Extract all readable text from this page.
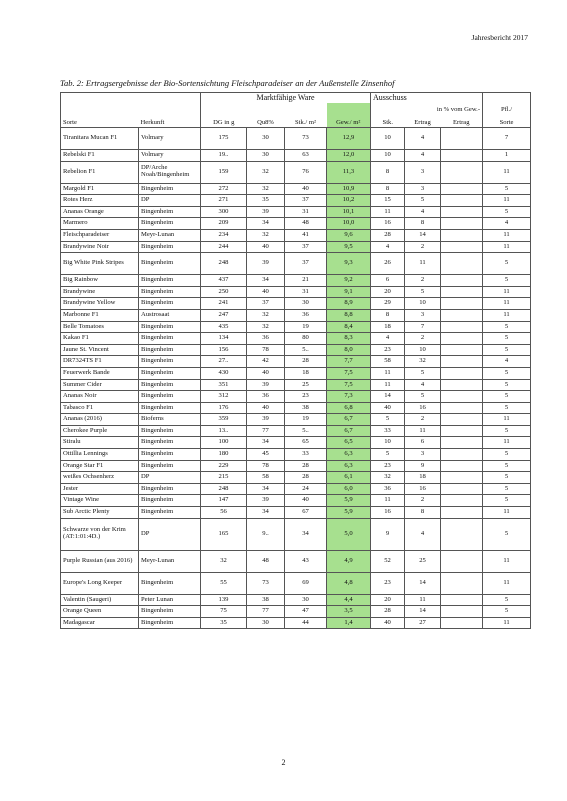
Jahresbericht 2017
Tab. 2: Ertragsergebnisse der Bio-Sortensichtung Fleischparadeiser an der Außenstelle Zinsenhof
		Marktfähige Ware				Ausschuss			
						in % vom Gew.-			Pfl./
Sorte	Herkunft	DG in g	Qu8%	Stk./ m²	Gew./ m²	Stk.	Ertrag	Ertrag	Sorte
Tiranitara Mucan F1	Volmary	175	30	73	12,9	10	4		7
Rebelski F1	Volmary	19..	30	63	12,0	10	4		1
Rebelion F1	DP/Arche Noah/Bingenheim	159	32	76	11,3	8	3		11
Margold F1	Bingenheim	272	32	40	10,9	8	3		5
Rotes Herz	DP	271	35	37	10,2	15	5		11
Ananas Orange	Bingenheim	300	39	31	10,1	11	4		5
Marmero	Bingenheim	209	34	48	10,0	16	8		4
Fleischparadeiser	Meyr-Lunan	234	32	41	9,6	28	14		11
Brandywine Noir	Bingenheim	244	40	37	9,5	4	2		11
Big White Pink Stripes	Bingenheim	248	39	37	9,3	26	11		5
Big Rainbow	Bingenheim	437	34	21	9,2	6	2		5
Brandywine	Bingenheim	250	40	31	9,1	20	5		11
Brandywine Yellow	Bingenheim	241	37	30	8,9	29	10		11
Marbonne F1	Austrosaat	247	32	36	8,8	8	3		11
Belle Tomatoes	Bingenheim	435	32	19	8,4	18	7		5
Kakao F1	Bingenheim	134	36	80	8,3	4	2		5
Jaune St. Vincent	Bingenheim	156	78	5..	8,0	23	10		5
DR7324TS F1	Bingenheim	27..	42	28	7,7	58	32		4
Feuerwerk Bande	Bingenheim	430	40	18	7,5	11	5		5
Summer Cider	Bingenheim	351	39	25	7,5	11	4		5
Ananas Noir	Bingenheim	312	36	23	7,3	14	5		5
Tabasco F1	Bingenheim	176	40	38	6,8	40	16		5
Ananas (2016)	Bioferns	359	39	19	6,7	5	2		11
Cherokee Purple	Bingenheim	13..	77	5..	6,7	33	11		5
Stiralu	Bingenheim	100	34	65	6,5	10	6		11
Ottillia Lennings	Bingenheim	180	45	33	6,3	5	3		5
Orange Star F1	Bingenheim	229	78	28	6,3	23	9		5
weißes Ochsenherz	DP	215	58	28	6,1	32	18		5
Jester	Bingenheim	248	34	24	6,0	36	16		5
Vintage Wine	Bingenheim	147	39	40	5,9	11	2		5
Sub Arctic Plenty	Bingenheim	56	34	67	5,9	16	8		11
Schwarze von der Krim (AT:1:01:4D.)	DP	165	9..	34	5,0	9	4		5
Purple Russian (aus 2016)	Meyr-Lunan	32	48	43	4,9	52	25		11
Europe's Long Keeper	Bingenheim	55	73	69	4,8	23	14		11
Valentin (Saugeri)	Peter Lunan	139	38	30	4,4	20	11		5
Orange Queen	Bingenheim	75	77	47	3,5	28	14		5
Madagascar	Bingenheim	35	30	44	1,4	40	27		11
2
